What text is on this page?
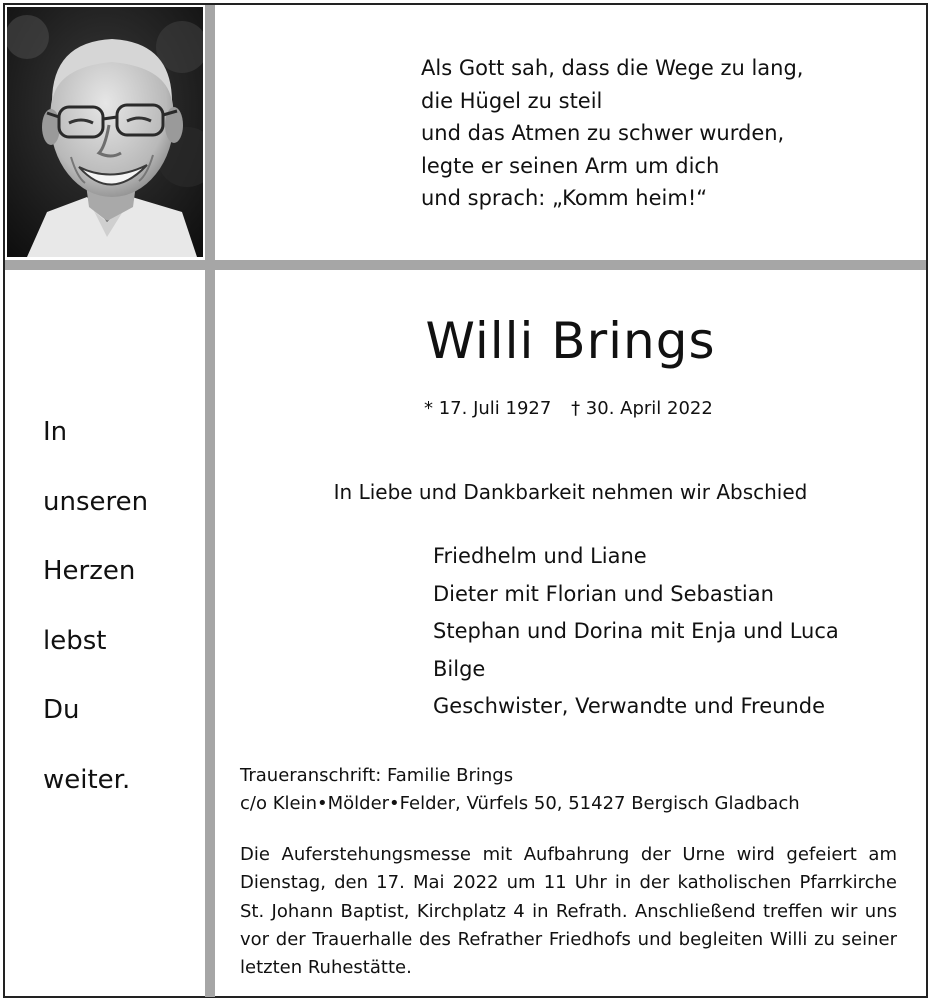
Als Gott sah, dass die Wege zu lang,
die Hügel zu steil
und das Atmen zu schwer wurden,
legte er seinen Arm um dich
und sprach: „Komm heim!“
Willi Brings
* 17. Juli 1927 † 30. April 2022
In
unseren
Herzen
lebst
Du
weiter.
In Liebe und Dankbarkeit nehmen wir Abschied
Friedhelm und Liane
Dieter mit Florian und Sebastian
Stephan und Dorina mit Enja und Luca
Bilge
Geschwister, Verwandte und Freunde
Traueranschrift: Familie Brings
c/o Klein•Mölder•Felder, Vürfels 50, 51427 Bergisch Gladbach
Die Auferstehungsmesse mit Aufbahrung der Urne wird gefeiert am Dienstag, den 17. Mai 2022 um 11 Uhr in der katholischen Pfarrkirche St. Johann Baptist, Kirchplatz 4 in Refrath. Anschließend treffen wir uns vor der Trauerhalle des Refrather Friedhofs und begleiten Willi zu seiner letzten Ruhestätte.
